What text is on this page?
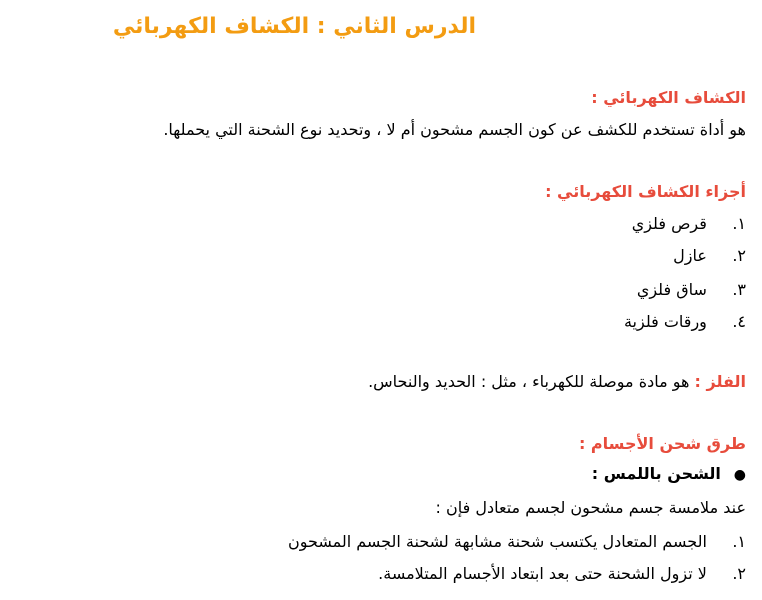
الدرس الثاني : الكشاف الكهربائي
الكشاف الكهربائي :
هو أداة تستخدم للكشف عن كون الجسم مشحون أم لا ، وتحديد نوع الشحنة التي يحملها.
أجزاء الكشاف الكهربائي :
١. قرص فلزي
٢. عازل
٣. ساق فلزي
٤. ورقات فلزية
الفلز : هو مادة موصلة للكهرباء ، مثل : الحديد والنحاس.
طرق شحن الأجسام :
● الشحن باللمس :
عند ملامسة جسم مشحون لجسم متعادل فإن :
١. الجسم المتعادل يكتسب شحنة مشابهة لشحنة الجسم المشحون
٢. لا تزول الشحنة حتى بعد ابتعاد الأجسام المتلامسة.
